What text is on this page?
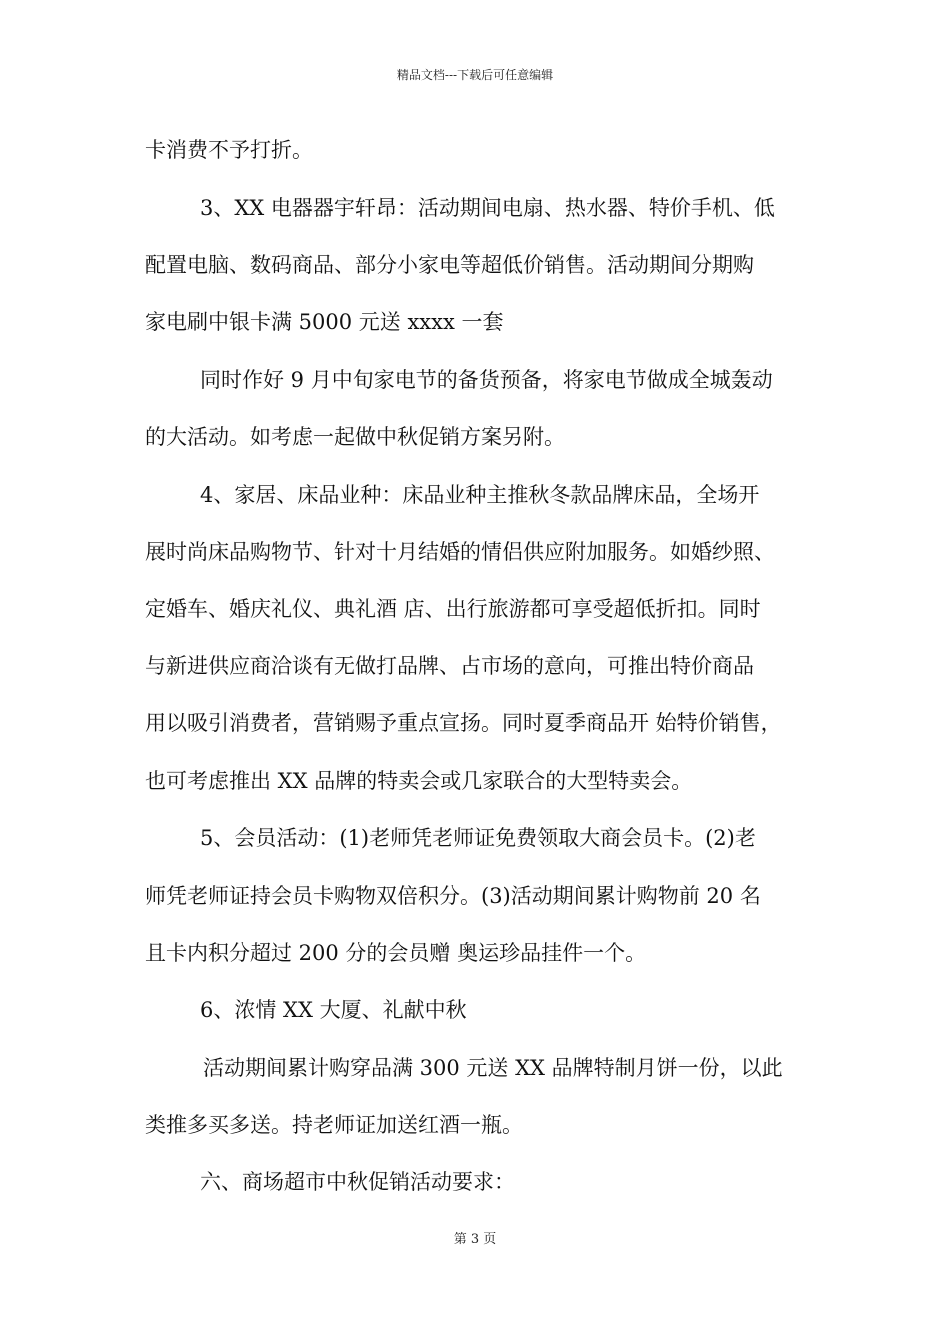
精品文档---下载后可任意编辑
卡消费不予打折。
3、XX 电器器宇轩昂：活动期间电扇、热水器、特价手机、低
配置电脑、数码商品、部分小家电等超低价销售。活动期间分期购
家电刷中银卡满 5000 元送 xxxx 一套
同时作好 9 月中旬家电节的备货预备，将家电节做成全城轰动
的大活动。如考虑一起做中秋促销方案另附。
4、家居、床品业种：床品业种主推秋冬款品牌床品，全场开
展时尚床品购物节、针对十月结婚的情侣供应附加服务。如婚纱照、
定婚车、婚庆礼仪、典礼酒 店、出行旅游都可享受超低折扣。同时
与新进供应商洽谈有无做打品牌、占市场的意向，可推出特价商品
用以吸引消费者，营销赐予重点宣扬。同时夏季商品开 始特价销售，
也可考虑推出 XX 品牌的特卖会或几家联合的大型特卖会。
5、会员活动：(1)老师凭老师证免费领取大商会员卡。(2)老
师凭老师证持会员卡购物双倍积分。(3)活动期间累计购物前 20 名
且卡内积分超过 200 分的会员赠 奥运珍品挂件一个。
6、浓情 XX 大厦、礼献中秋
活动期间累计购穿品满 300 元送 XX 品牌特制月饼一份，以此
类推多买多送。持老师证加送红酒一瓶。
六、商场超市中秋促销活动要求：
第 3 页
